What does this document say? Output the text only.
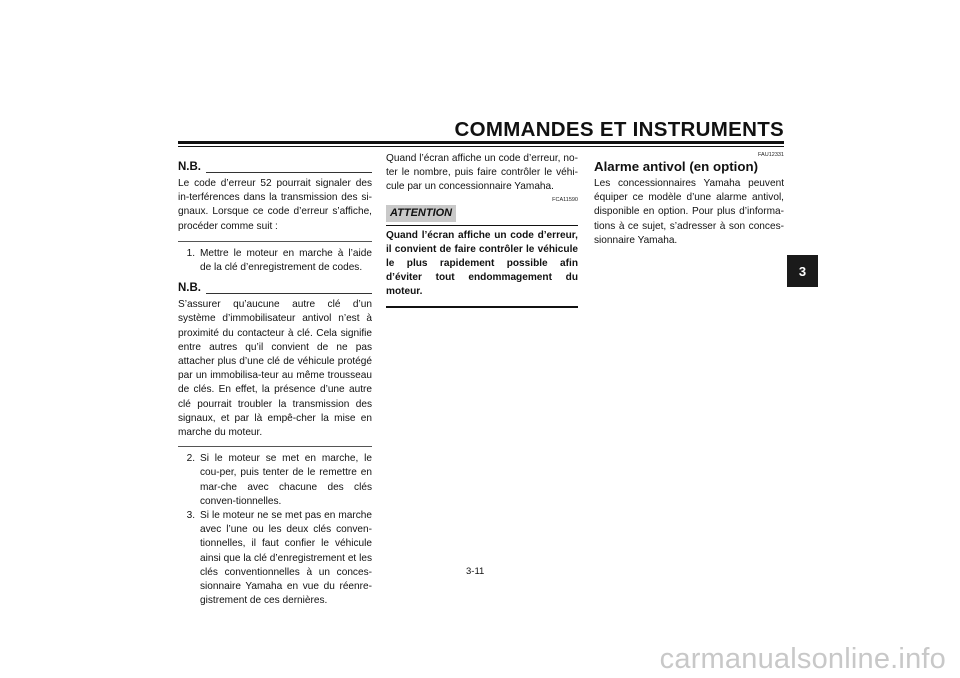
COMMANDES ET INSTRUMENTS
3
N.B.

Le code d’erreur 52 pourrait signaler des in-terférences dans la transmission des si-gnaux. Lorsque ce code d’erreur s’affiche, procéder comme suit :

1. Mettre le moteur en marche à l’aide de la clé d’enregistrement de codes.
N.B.

S’assurer qu’aucune autre clé d’un système d’immobilisateur antivol n’est à proximité du contacteur à clé. Cela signifie entre autres qu’il convient de ne pas attacher plus d’une clé de véhicule protégé par un immobilisa-teur au même trousseau de clés. En effet, la présence d’une autre clé pourrait troubler la transmission des signaux, et par là empê-cher la mise en marche du moteur.

2. Si le moteur se met en marche, le cou-per, puis tenter de le remettre en mar-che avec chacune des clés conven-tionnelles.
3. Si le moteur ne se met pas en marche avec l’une ou les deux clés conven-tionnelles, il faut confier le véhicule ainsi que la clé d’enregistrement et les clés conventionnelles à un conces-sionnaire Yamaha en vue du réenre-gistrement de ces dernières.

Quand l’écran affiche un code d’erreur, no-ter le nombre, puis faire contrôler le véhi-cule par un concessionnaire Yamaha.

FCA11590
ATTENTION

Quand l’écran affiche un code d’erreur, il convient de faire contrôler le véhicule le plus rapidement possible afin d’éviter tout endommagement du moteur.

FAU12331
Alarme antivol (en option)

Les concessionnaires Yamaha peuvent équiper ce modèle d’une alarme antivol, disponible en option. Pour plus d’informa-tions à ce sujet, s’adresser à son conces-sionnaire Yamaha.

3-11
carmanualsonline.info
